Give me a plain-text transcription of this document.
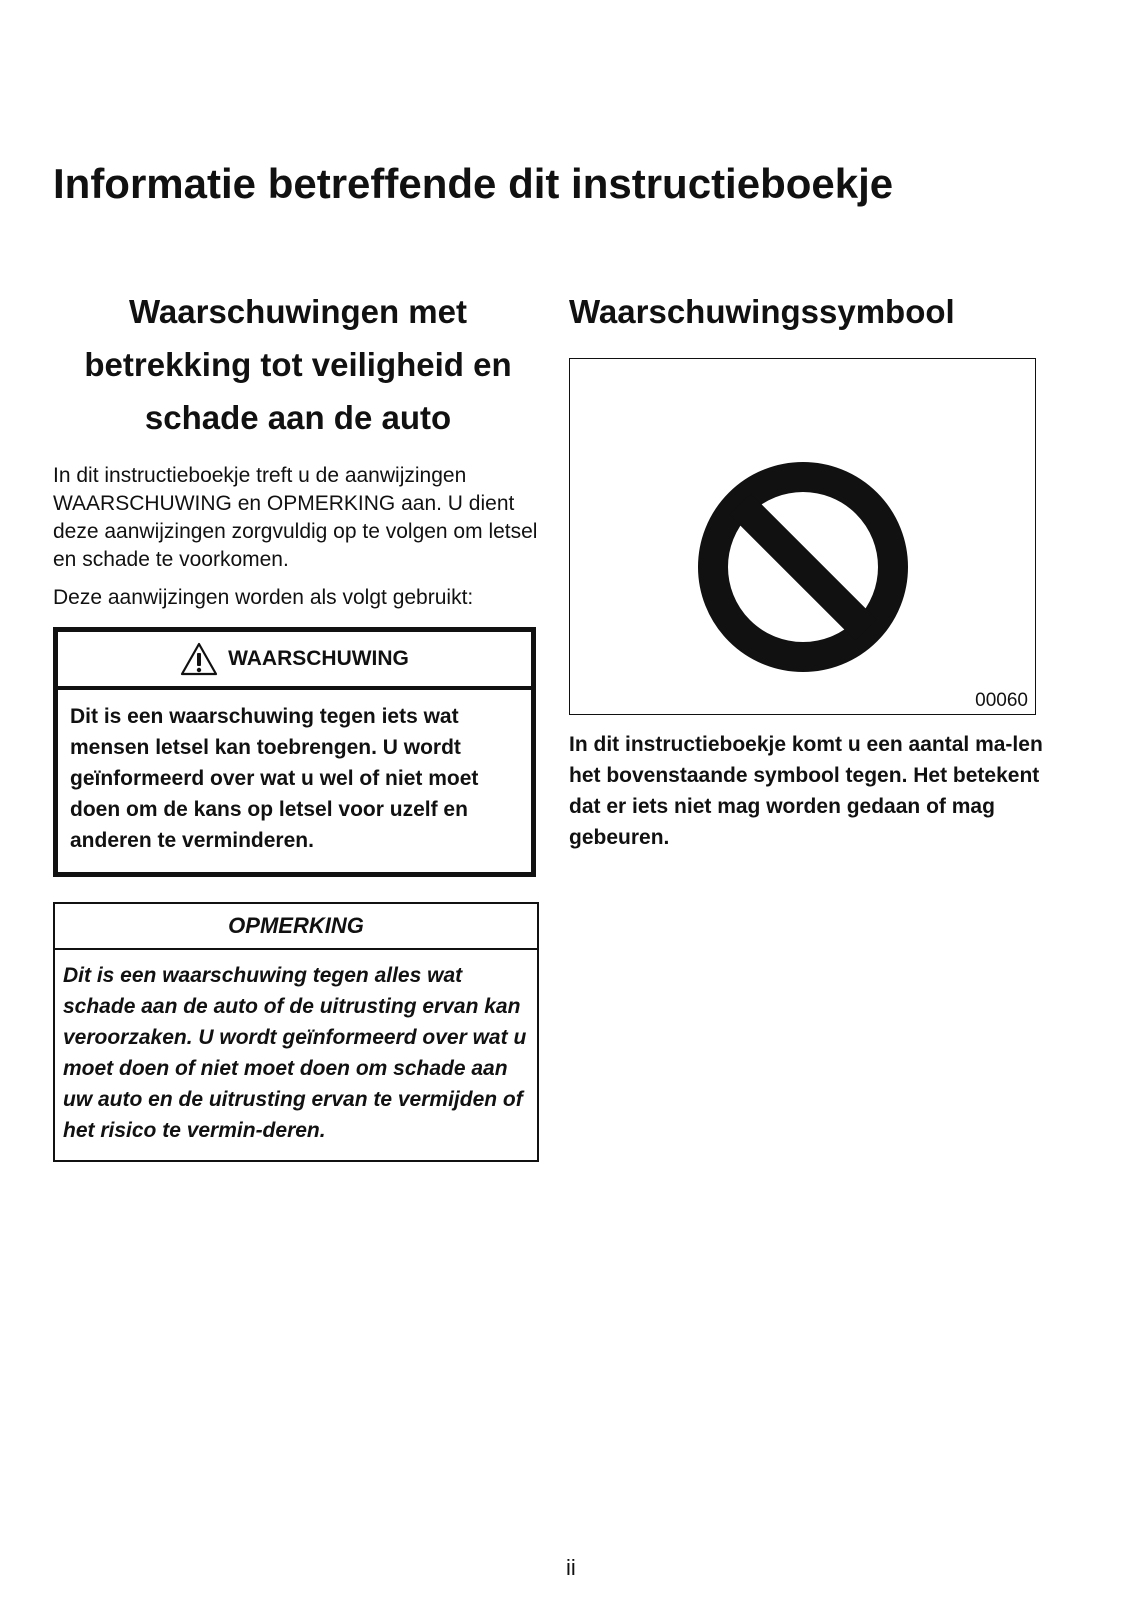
Informatie betreffende dit instructieboekje
Waarschuwingen met
betrekking tot veiligheid en
schade aan de auto

In dit instructieboekje treft u de aanwijzingen WAARSCHUWING en OPMERKING aan. U dient deze aanwijzingen zorgvuldig op te volgen om letsel en schade te voorkomen.

Deze aanwijzingen worden als volgt gebruikt:

WAARSCHUWING
Dit is een waarschuwing tegen iets wat mensen letsel kan toebrengen. U wordt geïnformeerd over wat u wel of niet moet doen om de kans op letsel voor uzelf en anderen te verminderen.
OPMERKING
Dit is een waarschuwing tegen alles wat schade aan de auto of de uitrusting ervan kan veroorzaken. U wordt geïnformeerd over wat u moet doen of niet moet doen om schade aan uw auto en de uitrusting ervan te vermijden of het risico te vermin-deren.
Waarschuwingssymbool
00060

In dit instructieboekje komt u een aantal ma-len het bovenstaande symbool tegen. Het betekent dat er iets niet mag worden gedaan of mag gebeuren.

ii
